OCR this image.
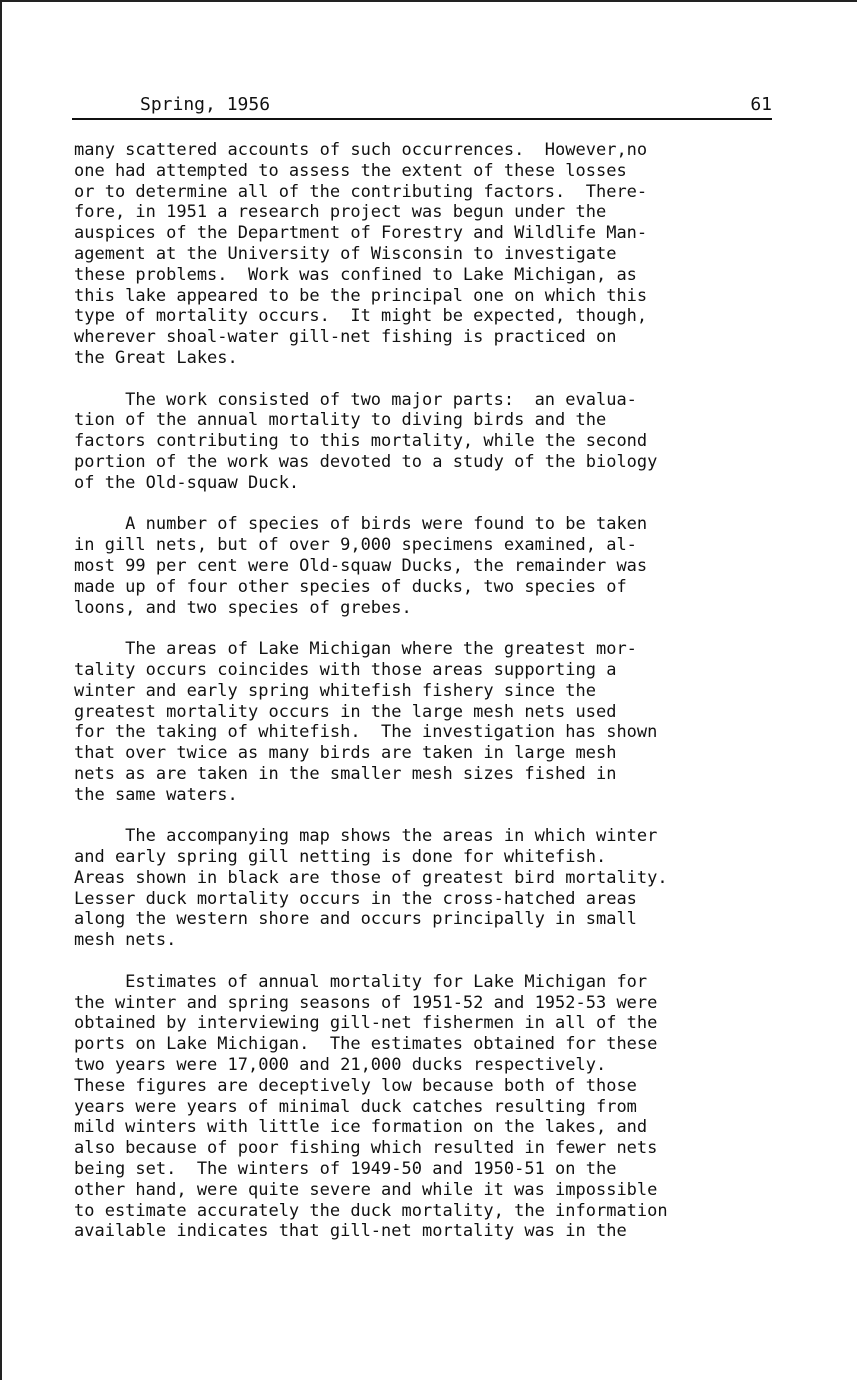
Spring, 1956	61
many scattered accounts of such occurrences.  However,no
one had attempted to assess the extent of these losses
or to determine all of the contributing factors.  There-
fore, in 1951 a research project was begun under the
auspices of the Department of Forestry and Wildlife Man-
agement at the University of Wisconsin to investigate
these problems.  Work was confined to Lake Michigan, as
this lake appeared to be the principal one on which this
type of mortality occurs.  It might be expected, though,
wherever shoal-water gill-net fishing is practiced on
the Great Lakes.
The work consisted of two major parts:  an evalua-
tion of the annual mortality to diving birds and the
factors contributing to this mortality, while the second
portion of the work was devoted to a study of the biology
of the Old-squaw Duck.
A number of species of birds were found to be taken
in gill nets, but of over 9,000 specimens examined, al-
most 99 per cent were Old-squaw Ducks, the remainder was
made up of four other species of ducks, two species of
loons, and two species of grebes.
The areas of Lake Michigan where the greatest mor-
tality occurs coincides with those areas supporting a
winter and early spring whitefish fishery since the
greatest mortality occurs in the large mesh nets used
for the taking of whitefish.  The investigation has shown
that over twice as many birds are taken in large mesh
nets as are taken in the smaller mesh sizes fished in
the same waters.
The accompanying map shows the areas in which winter
and early spring gill netting is done for whitefish.
Areas shown in black are those of greatest bird mortality.
Lesser duck mortality occurs in the cross-hatched areas
along the western shore and occurs principally in small
mesh nets.
Estimates of annual mortality for Lake Michigan for
the winter and spring seasons of 1951-52 and 1952-53 were
obtained by interviewing gill-net fishermen in all of the
ports on Lake Michigan.  The estimates obtained for these
two years were 17,000 and 21,000 ducks respectively.
These figures are deceptively low because both of those
years were years of minimal duck catches resulting from
mild winters with little ice formation on the lakes, and
also because of poor fishing which resulted in fewer nets
being set.  The winters of 1949-50 and 1950-51 on the
other hand, were quite severe and while it was impossible
to estimate accurately the duck mortality, the information
available indicates that gill-net mortality was in the
